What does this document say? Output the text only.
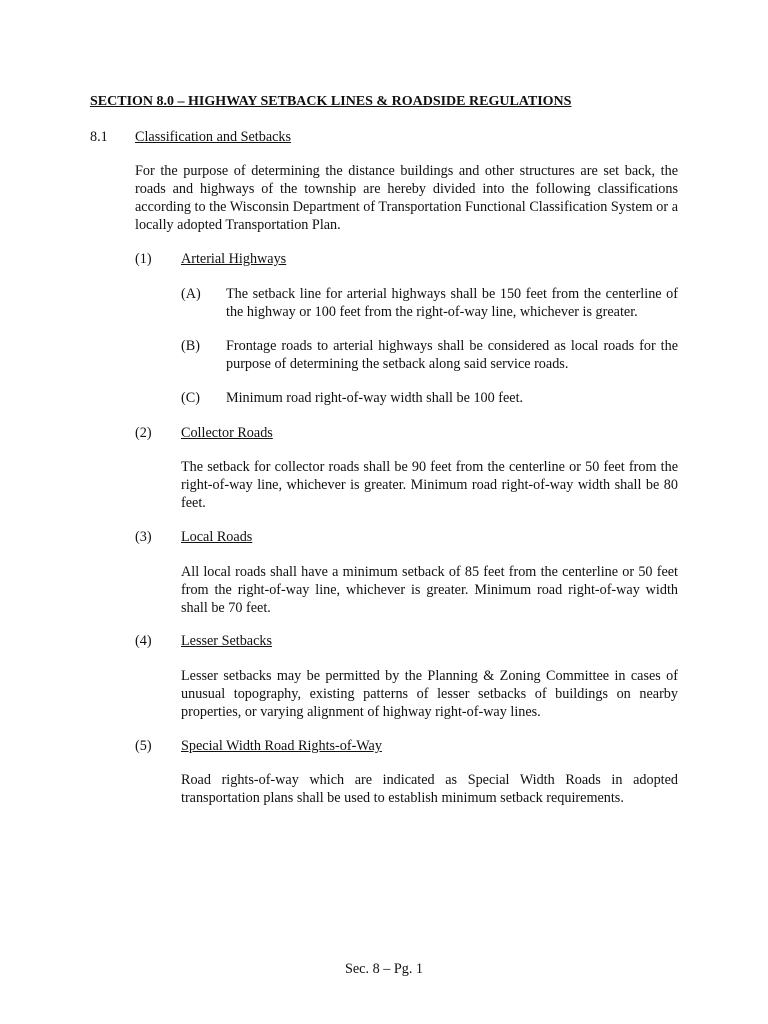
SECTION 8.0 – HIGHWAY SETBACK LINES & ROADSIDE REGULATIONS

8.1 Classification and Setbacks

For the purpose of determining the distance buildings and other structures are set back, the roads and highways of the township are hereby divided into the following classifications according to the Wisconsin Department of Transportation Functional Classification System or a locally adopted Transportation Plan.

(1) Arterial Highways
(A) The setback line for arterial highways shall be 150 feet from the centerline of the highway or 100 feet from the right-of-way line, whichever is greater.

(B) Frontage roads to arterial highways shall be considered as local roads for the purpose of determining the setback along said service roads.

(C) Minimum road right-of-way width shall be 100 feet.

(2) Collector Roads

The setback for collector roads shall be 90 feet from the centerline or 50 feet from the right-of-way line, whichever is greater. Minimum road right-of-way width shall be 80 feet.

(3) Local Roads

All local roads shall have a minimum setback of 85 feet from the centerline or 50 feet from the right-of-way line, whichever is greater. Minimum road right-of-way width shall be 70 feet.

(4) Lesser Setbacks

Lesser setbacks may be permitted by the Planning & Zoning Committee in cases of unusual topography, existing patterns of lesser setbacks of buildings on nearby properties, or varying alignment of highway right-of-way lines.

(5) Special Width Road Rights-of-Way

Road rights-of-way which are indicated as Special Width Roads in adopted transportation plans shall be used to establish minimum setback requirements.

Sec. 8 – Pg. 1
